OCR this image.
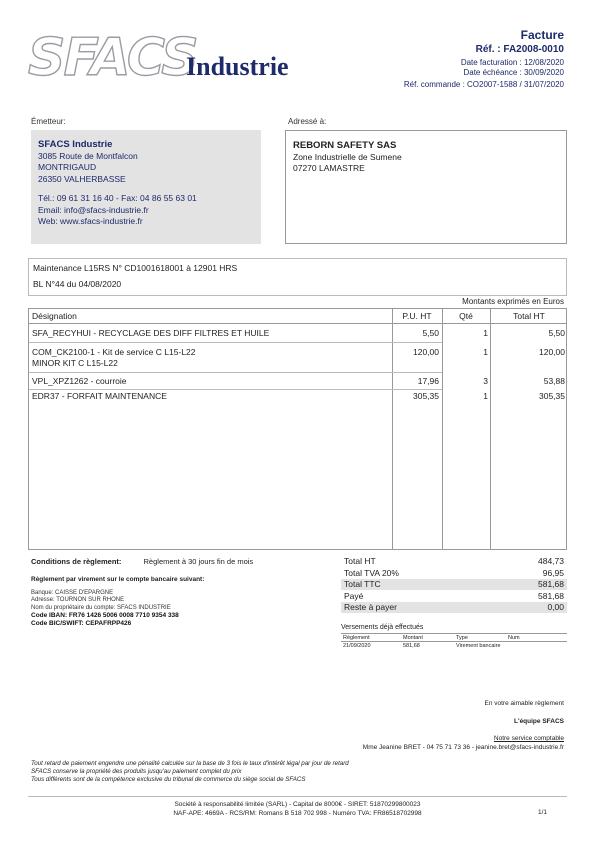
SFACS
Industrie
Facture
Réf. : FA2008-0010
Date facturation : 12/08/2020
Date échéance : 30/09/2020
Réf. commande : CO2007-1588 / 31/07/2020
Émetteur:	Adressé à:
SFACS Industrie
3085 Route de Montfalcon
MONTRIGAUD
26350 VALHERBASSE
Tél.: 09 61 31 16 40 - Fax: 04 86 55 63 01
Email: info@sfacs-industrie.fr
Web: www.sfacs-industrie.fr
REBORN SAFETY SAS
Zone Industrielle de Sumene
07270 LAMASTRE
Maintenance L15RS N° CD1001618001 à 12901 HRS
BL N°44 du 04/08/2020
Montants exprimés en Euros
Désignation	P.U. HT	Qté	Total HT
SFA_RECYHUI - RECYCLAGE DES DIFF FILTRES ET HUILE	5,50	1	5,50
COM_CK2100-1 - Kit de service C L15-L22
MINOR KIT C L15-L22
120,00	1	120,00
VPL_XPZ1262 - courroie	17,96	3	53,88
EDR37 - FORFAIT MAINTENANCE	305,35	1	305,35
Conditions de règlement:	Règlement à 30 jours fin de mois
Règlement par virement sur le compte bancaire suivant:
Banque: CAISSE D'EPARGNE
Adresse: TOURNON SUR RHONE
Nom du propriétaire du compte: SFACS INDUSTRIE
Code IBAN: FR76 1426 5006 0008 7710 9354 338
Code BIC/SWIFT: CEPAFRPP426
Total HT	484,73
Total TVA 20%	96,95
Total TTC	581,68
Payé	581,68
Reste à payer	0,00
Versements déjà effectués
Règlement	Montant	Type	Num
21/09/2020	581,68	Virement bancaire
En votre aimable règlement
L'équipe SFACS
Notre service comptable
Mme Jeanine BRET - 04 75 71 73 36 - jeanine.bret@sfacs-industrie.fr
Tout retard de paiement engendre une pénalité calculée sur la base de 3 fois le taux d'intérêt légal par jour de retard
SFACS conserve la propriété des produits jusqu'au paiement complet du prix
Tous différents sont de la compétence exclusive du tribunal de commerce du siège social de SFACS
Société à responsabilité limitée (SARL) - Capital de 8000€ - SIRET: 51870299800023
NAF-APE: 4669A - RCS/RM: Romans B 518 702 998 - Numéro TVA: FR86518702998	1/1
